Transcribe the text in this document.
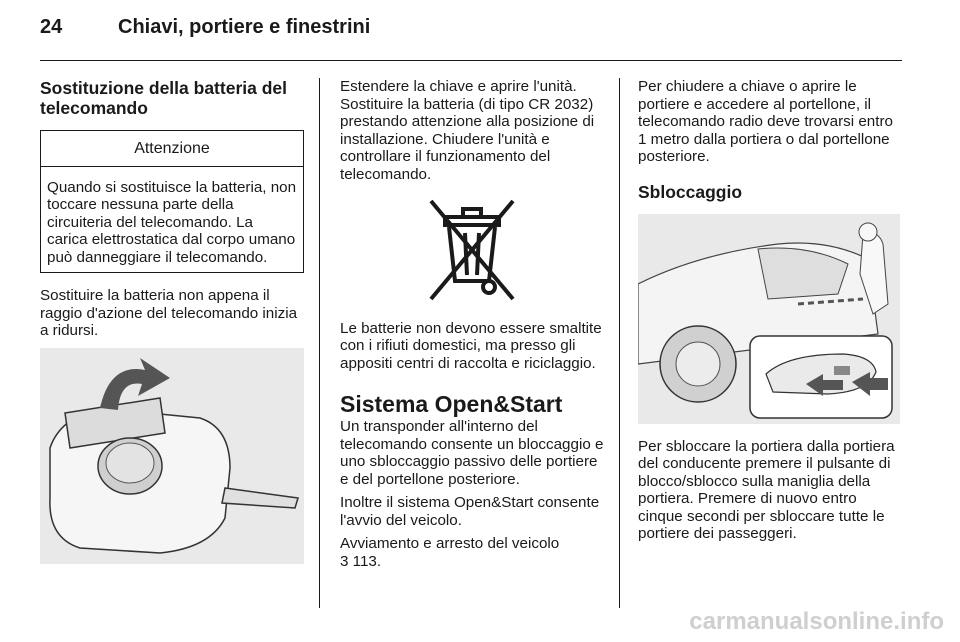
24	Chiavi, portiere e finestrini
Sostituzione della batteria del telecomando
Attenzione
Quando si sostituisce la batteria, non toccare nessuna parte della circuiteria del telecomando. La carica elettrostatica dal corpo umano può danneggiare il telecomando.

Sostituire la batteria non appena il raggio d'azione del telecomando inizia a ridursi.

Estendere la chiave e aprire l'unità. Sostituire la batteria (di tipo CR 2032) prestando attenzione alla posizione di installazione. Chiudere l'unità e controllare il funzionamento del telecomando.

Le batterie non devono essere smaltite con i rifiuti domestici, ma presso gli appositi centri di raccolta e riciclaggio.

Sistema Open&Start

Un transponder all'interno del telecomando consente un bloccaggio e uno sbloccaggio passivo delle portiere e del portellone posteriore.

Inoltre il sistema Open&Start consente l'avvio del veicolo.

Avviamento e arresto del veicolo

3 113.

Per chiudere a chiave o aprire le portiere e accedere al portellone, il telecomando radio deve trovarsi entro 1 metro dalla portiera o dal portellone posteriore.

Sbloccaggio

Per sbloccare la portiera dalla portiera del conducente premere il pulsante di blocco/sblocco sulla maniglia della portiera. Premere di nuovo entro cinque secondi per sbloccare tutte le portiere dei passeggeri.

carmanualsonline.info
